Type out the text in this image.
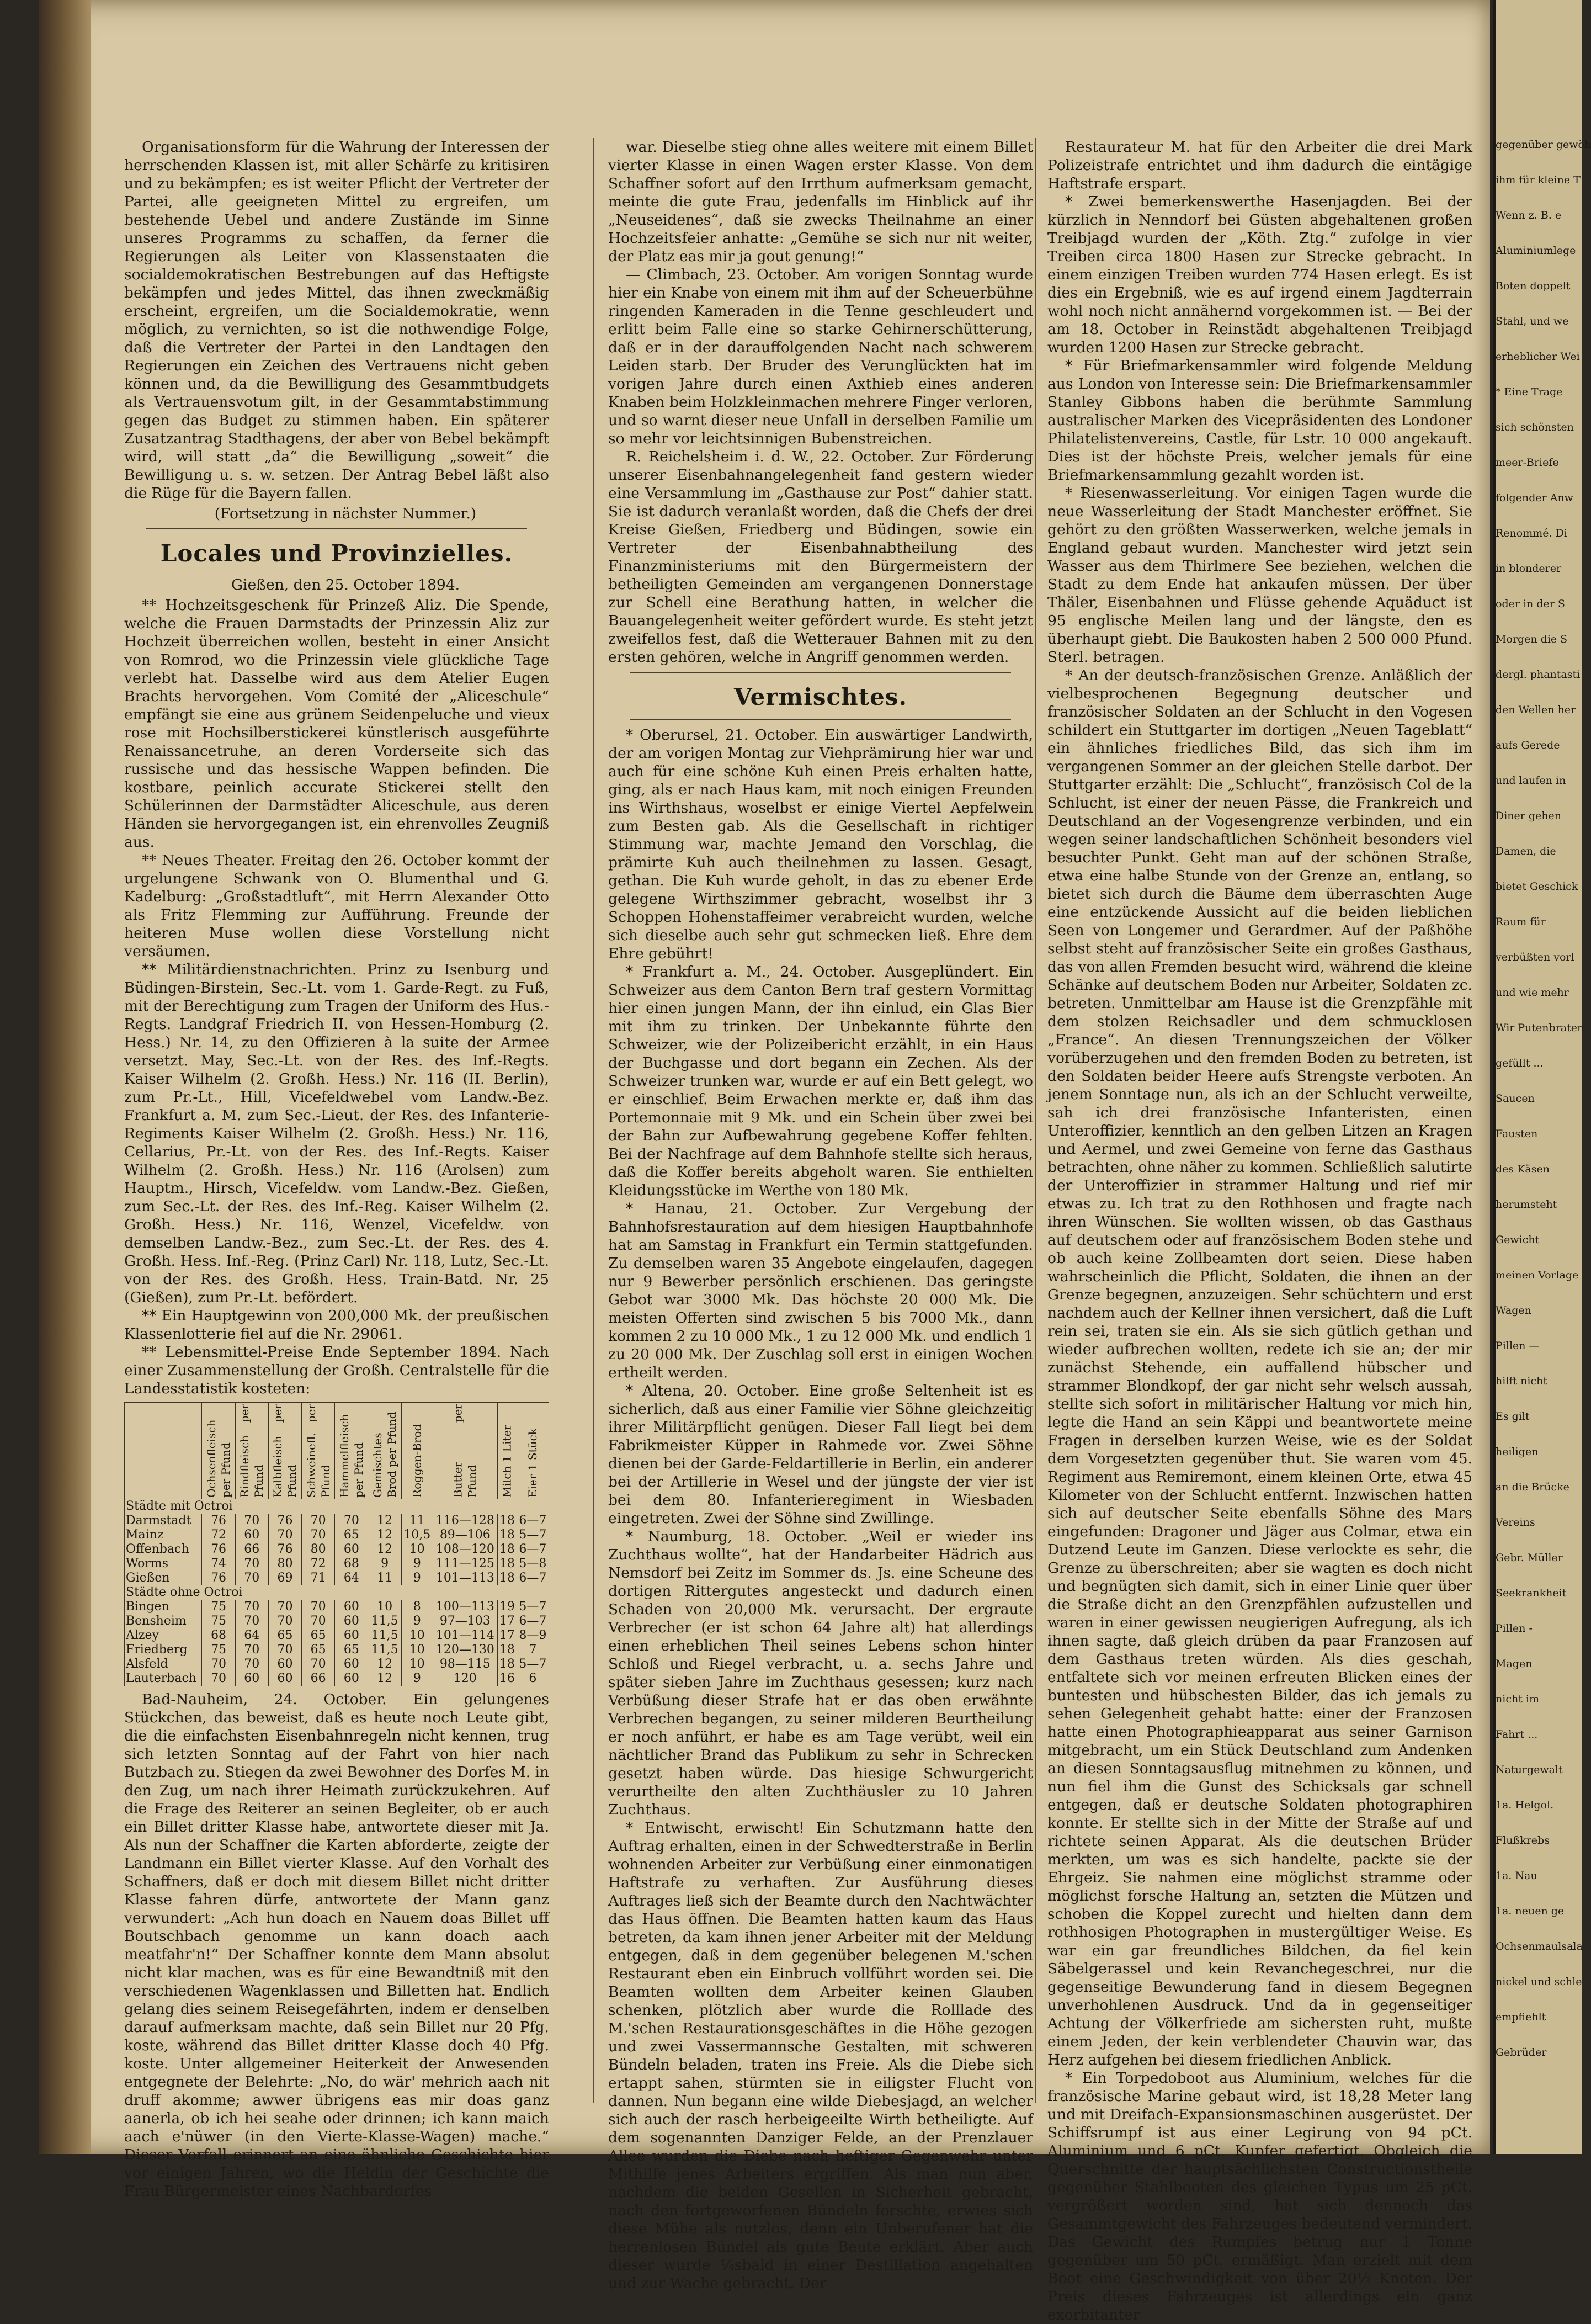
Organisationsform für die Wahrung der Interessen der herrschenden Klassen ist, mit aller Schärfe zu kritisiren und zu bekämpfen; es ist weiter Pflicht der Vertreter der Partei, alle geeigneten Mittel zu ergreifen, um bestehende Uebel und andere Zustände im Sinne unseres Programms zu schaffen, da ferner die Regierungen als Leiter von Klassenstaaten die socialdemokratischen Bestrebungen auf das Heftigste bekämpfen und jedes Mittel, das ihnen zweckmäßig erscheint, ergreifen, um die Socialdemokratie, wenn möglich, zu vernichten, so ist die nothwendige Folge, daß die Vertreter der Partei in den Landtagen den Regierungen ein Zeichen des Vertrauens nicht geben können und, da die Bewilligung des Gesammtbudgets als Vertrauensvotum gilt, in der Gesammtabstimmung gegen das Budget zu stimmen haben. Ein späterer Zusatzantrag Stadthagens, der aber von Bebel bekämpft wird, will statt „da“ die Bewilligung „soweit“ die Bewilligung u. s. w. setzen. Der Antrag Bebel läßt also die Rüge für die Bayern fallen.

(Fortsetzung in nächster Nummer.)

Locales und Provinzielles.

Gießen, den 25. October 1894.

** Hochzeitsgeschenk für Prinzeß Aliz. Die Spende, welche die Frauen Darmstadts der Prinzessin Aliz zur Hochzeit überreichen wollen, besteht in einer Ansicht von Romrod, wo die Prinzessin viele glückliche Tage verlebt hat. Dasselbe wird aus dem Atelier Eugen Brachts hervorgehen. Vom Comité der „Aliceschule“ empfängt sie eine aus grünem Seidenpeluche und vieux rose mit Hochsilberstickerei künstlerisch ausgeführte Renaissancetruhe, an deren Vorderseite sich das russische und das hessische Wappen befinden. Die kostbare, peinlich accurate Stickerei stellt den Schülerinnen der Darmstädter Aliceschule, aus deren Händen sie hervorgegangen ist, ein ehrenvolles Zeugniß aus.

** Neues Theater. Freitag den 26. October kommt der urgelungene Schwank von O. Blumenthal und G. Kadelburg: „Großstadtluft“, mit Herrn Alexander Otto als Fritz Flemming zur Aufführung. Freunde der heiteren Muse wollen diese Vorstellung nicht versäumen.

** Militärdienstnachrichten. Prinz zu Isenburg und Büdingen-Birstein, Sec.-Lt. vom 1. Garde-Regt. zu Fuß, mit der Berechtigung zum Tragen der Uniform des Hus.-Regts. Landgraf Friedrich II. von Hessen-Homburg (2. Hess.) Nr. 14, zu den Offizieren à la suite der Armee versetzt. May, Sec.-Lt. von der Res. des Inf.-Regts. Kaiser Wilhelm (2. Großh. Hess.) Nr. 116 (II. Berlin), zum Pr.-Lt., Hill, Vicefeldwebel vom Landw.-Bez. Frankfurt a. M. zum Sec.-Lieut. der Res. des Infanterie-Regiments Kaiser Wilhelm (2. Großh. Hess.) Nr. 116, Cellarius, Pr.-Lt. von der Res. des Inf.-Regts. Kaiser Wilhelm (2. Großh. Hess.) Nr. 116 (Arolsen) zum Hauptm., Hirsch, Vicefeldw. vom Landw.-Bez. Gießen, zum Sec.-Lt. der Res. des Inf.-Reg. Kaiser Wilhelm (2. Großh. Hess.) Nr. 116, Wenzel, Vicefeldw. von demselben Landw.-Bez., zum Sec.-Lt. der Res. des 4. Großh. Hess. Inf.-Reg. (Prinz Carl) Nr. 118, Lutz, Sec.-Lt. von der Res. des Großh. Hess. Train-Batd. Nr. 25 (Gießen), zum Pr.-Lt. befördert.

** Ein Hauptgewinn von 200,000 Mk. der preußischen Klassenlotterie fiel auf die Nr. 29061.

** Lebensmittel-Preise Ende September 1894. Nach einer Zusammenstellung der Großh. Centralstelle für die Landesstatistik kosteten:

	Ochsenfleisch per Pfund	Rindfleisch per Pfund	Kalbfleisch per Pfund	Schweinefl. per Pfund	Hammelfleisch per Pfund	Gemischtes Brod per Pfund	Roggen-Brod	Butter per Pfund	Milch 1 Liter	Eier 1 Stück
Städte mit Octroi										
Darmstadt	76	70	76	70	70	12	11	116—128	18	6—7
Mainz	72	60	70	70	65	12	10,5	89—106	18	5—7
Offenbach	76	66	76	80	60	12	10	108—120	18	6—7
Worms	74	70	80	72	68	9	9	111—125	18	5—8
Gießen	76	70	69	71	64	11	9	101—113	18	6—7
Städte ohne Octroi										
Bingen	75	70	70	70	60	10	8	100—113	19	5—7
Bensheim	75	70	70	70	60	11,5	9	97—103	17	6—7
Alzey	68	64	65	65	60	11,5	10	101—114	17	8—9
Friedberg	75	70	70	65	65	11,5	10	120—130	18	7
Alsfeld	70	70	60	70	60	12	10	98—115	18	5—7
Lauterbach	70	60	60	66	60	12	9	120	16	6

Bad-Nauheim, 24. October. Ein gelungenes Stückchen, das beweist, daß es heute noch Leute gibt, die die einfachsten Eisenbahnregeln nicht kennen, trug sich letzten Sonntag auf der Fahrt von hier nach Butzbach zu. Stiegen da zwei Bewohner des Dorfes M. in den Zug, um nach ihrer Heimath zurückzukehren. Auf die Frage des Reiterer an seinen Begleiter, ob er auch ein Billet dritter Klasse habe, antwortete dieser mit Ja. Als nun der Schaffner die Karten abforderte, zeigte der Landmann ein Billet vierter Klasse. Auf den Vorhalt des Schaffners, daß er doch mit diesem Billet nicht dritter Klasse fahren dürfe, antwortete der Mann ganz verwundert: „Ach hun doach en Nauem doas Billet uff Boutschbach genomme un kann doach aach meatfahr'n!“ Der Schaffner konnte dem Mann absolut nicht klar machen, was es für eine Bewandtniß mit den verschiedenen Wagenklassen und Billetten hat. Endlich gelang dies seinem Reisegefährten, indem er denselben darauf aufmerksam machte, daß sein Billet nur 20 Pfg. koste, während das Billet dritter Klasse doch 40 Pfg. koste. Unter allgemeiner Heiterkeit der Anwesenden entgegnete der Belehrte: „No, do wär' mehrich aach nit druff akomme; awwer übrigens eas mir doas ganz aanerla, ob ich hei seahe oder drinnen; ich kann maich aach e'nüwer (in den Vierte-Klasse-Wagen) mache.“ Dieser Vorfall erinnert an eine ähnliche Geschichte hier vor einigen Jahren, wo die Heldin der Geschichte die Frau Bürgermeister eines Nachbardorfes

war. Dieselbe stieg ohne alles weitere mit einem Billet vierter Klasse in einen Wagen erster Klasse. Von dem Schaffner sofort auf den Irrthum aufmerksam gemacht, meinte die gute Frau, jedenfalls im Hinblick auf ihr „Neuseidenes“, daß sie zwecks Theilnahme an einer Hochzeitsfeier anhatte: „Gemühe se sich nur nit weiter, der Platz eas mir ja gout genung!“

— Climbach, 23. October. Am vorigen Sonntag wurde hier ein Knabe von einem mit ihm auf der Scheuerbühne ringenden Kameraden in die Tenne geschleudert und erlitt beim Falle eine so starke Gehirnerschütterung, daß er in der darauffolgenden Nacht nach schwerem Leiden starb. Der Bruder des Verunglückten hat im vorigen Jahre durch einen Axthieb eines anderen Knaben beim Holzkleinmachen mehrere Finger verloren, und so warnt dieser neue Unfall in derselben Familie um so mehr vor leichtsinnigen Bubenstreichen.

R. Reichelsheim i. d. W., 22. October. Zur Förderung unserer Eisenbahnangelegenheit fand gestern wieder eine Versammlung im „Gasthause zur Post“ dahier statt. Sie ist dadurch veranlaßt worden, daß die Chefs der drei Kreise Gießen, Friedberg und Büdingen, sowie ein Vertreter der Eisenbahnabtheilung des Finanzministeriums mit den Bürgermeistern der betheiligten Gemeinden am vergangenen Donnerstage zur Schell eine Berathung hatten, in welcher die Bauangelegenheit weiter gefördert wurde. Es steht jetzt zweifellos fest, daß die Wetterauer Bahnen mit zu den ersten gehören, welche in Angriff genommen werden.

Vermischtes.

* Oberursel, 21. October. Ein auswärtiger Landwirth, der am vorigen Montag zur Viehprämirung hier war und auch für eine schöne Kuh einen Preis erhalten hatte, ging, als er nach Haus kam, mit noch einigen Freunden ins Wirthshaus, woselbst er einige Viertel Aepfelwein zum Besten gab. Als die Gesellschaft in richtiger Stimmung war, machte Jemand den Vorschlag, die prämirte Kuh auch theilnehmen zu lassen. Gesagt, gethan. Die Kuh wurde geholt, in das zu ebener Erde gelegene Wirthszimmer gebracht, woselbst ihr 3 Schoppen Hohenstaffeimer verabreicht wurden, welche sich dieselbe auch sehr gut schmecken ließ. Ehre dem Ehre gebührt!

* Frankfurt a. M., 24. October. Ausgeplündert. Ein Schweizer aus dem Canton Bern traf gestern Vormittag hier einen jungen Mann, der ihn einlud, ein Glas Bier mit ihm zu trinken. Der Unbekannte führte den Schweizer, wie der Polizeibericht erzählt, in ein Haus der Buchgasse und dort begann ein Zechen. Als der Schweizer trunken war, wurde er auf ein Bett gelegt, wo er einschlief. Beim Erwachen merkte er, daß ihm das Portemonnaie mit 9 Mk. und ein Schein über zwei bei der Bahn zur Aufbewahrung gegebene Koffer fehlten. Bei der Nachfrage auf dem Bahnhofe stellte sich heraus, daß die Koffer bereits abgeholt waren. Sie enthielten Kleidungsstücke im Werthe von 180 Mk.

* Hanau, 21. October. Zur Vergebung der Bahnhofsrestauration auf dem hiesigen Hauptbahnhofe hat am Samstag in Frankfurt ein Termin stattgefunden. Zu demselben waren 35 Angebote eingelaufen, dagegen nur 9 Bewerber persönlich erschienen. Das geringste Gebot war 3000 Mk. Das höchste 20 000 Mk. Die meisten Offerten sind zwischen 5 bis 7000 Mk., dann kommen 2 zu 10 000 Mk., 1 zu 12 000 Mk. und endlich 1 zu 20 000 Mk. Der Zuschlag soll erst in einigen Wochen ertheilt werden.

* Altena, 20. October. Eine große Seltenheit ist es sicherlich, daß aus einer Familie vier Söhne gleichzeitig ihrer Militärpflicht genügen. Dieser Fall liegt bei dem Fabrikmeister Küpper in Rahmede vor. Zwei Söhne dienen bei der Garde-Feldartillerie in Berlin, ein anderer bei der Artillerie in Wesel und der jüngste der vier ist bei dem 80. Infanterieregiment in Wiesbaden eingetreten. Zwei der Söhne sind Zwillinge.

* Naumburg, 18. October. „Weil er wieder ins Zuchthaus wollte“, hat der Handarbeiter Hädrich aus Nemsdorf bei Zeitz im Sommer ds. Js. eine Scheune des dortigen Rittergutes angesteckt und dadurch einen Schaden von 20,000 Mk. verursacht. Der ergraute Verbrecher (er ist schon 64 Jahre alt) hat allerdings einen erheblichen Theil seines Lebens schon hinter Schloß und Riegel verbracht, u. a. sechs Jahre und später sieben Jahre im Zuchthaus gesessen; kurz nach Verbüßung dieser Strafe hat er das oben erwähnte Verbrechen begangen, zu seiner milderen Beurtheilung er noch anführt, er habe es am Tage verübt, weil ein nächtlicher Brand das Publikum zu sehr in Schrecken gesetzt haben würde. Das hiesige Schwurgericht verurtheilte den alten Zuchthäusler zu 10 Jahren Zuchthaus.

* Entwischt, erwischt! Ein Schutzmann hatte den Auftrag erhalten, einen in der Schwedterstraße in Berlin wohnenden Arbeiter zur Verbüßung einer einmonatigen Haftstrafe zu verhaften. Zur Ausführung dieses Auftrages ließ sich der Beamte durch den Nachtwächter das Haus öffnen. Die Beamten hatten kaum das Haus betreten, da kam ihnen jener Arbeiter mit der Meldung entgegen, daß in dem gegenüber belegenen M.'schen Restaurant eben ein Einbruch vollführt worden sei. Die Beamten wollten dem Arbeiter keinen Glauben schenken, plötzlich aber wurde die Rolllade des M.'schen Restaurationsgeschäftes in die Höhe gezogen und zwei Vassermannsche Gestalten, mit schweren Bündeln beladen, traten ins Freie. Als die Diebe sich ertappt sahen, stürmten sie in eiligster Flucht von dannen. Nun begann eine wilde Diebesjagd, an welcher sich auch der rasch herbeigeeilte Wirth betheiligte. Auf dem sogenannten Danziger Felde, an der Prenzlauer Allee wurden die Diebe nach heftiger Gegenwehr unter Mithilfe jenes Arbeiters ergriffen. Als man nun aber, nachdem die beiden Gesellen in Sicherheit gebracht, nach den fortgeworfenen Bündeln forschte, erwies sich diese Mühe als nutzlos, denn ein Unberufener hat die herrenlosen Bündel als gute Beute erklärt. Aber auch dieser wurde ¼sbald in einer Destillation angehalten und zur Wache gebracht. Der

Restaurateur M. hat für den Arbeiter die drei Mark Polizeistrafe entrichtet und ihm dadurch die eintägige Haftstrafe erspart.

* Zwei bemerkenswerthe Hasenjagden. Bei der kürzlich in Nenndorf bei Güsten abgehaltenen großen Treibjagd wurden der „Köth. Ztg.“ zufolge in vier Treiben circa 1800 Hasen zur Strecke gebracht. In einem einzigen Treiben wurden 774 Hasen erlegt. Es ist dies ein Ergebniß, wie es auf irgend einem Jagdterrain wohl noch nicht annähernd vorgekommen ist. — Bei der am 18. October in Reinstädt abgehaltenen Treibjagd wurden 1200 Hasen zur Strecke gebracht.

* Für Briefmarkensammler wird folgende Meldung aus London von Interesse sein: Die Briefmarkensammler Stanley Gibbons haben die berühmte Sammlung australischer Marken des Vicepräsidenten des Londoner Philatelistenvereins, Castle, für Lstr. 10 000 angekauft. Dies ist der höchste Preis, welcher jemals für eine Briefmarkensammlung gezahlt worden ist.

* Riesenwasserleitung. Vor einigen Tagen wurde die neue Wasserleitung der Stadt Manchester eröffnet. Sie gehört zu den größten Wasserwerken, welche jemals in England gebaut wurden. Manchester wird jetzt sein Wasser aus dem Thirlmere See beziehen, welchen die Stadt zu dem Ende hat ankaufen müssen. Der über Thäler, Eisenbahnen und Flüsse gehende Aquäduct ist 95 englische Meilen lang und der längste, den es überhaupt giebt. Die Baukosten haben 2 500 000 Pfund. Sterl. betragen.

* An der deutsch-französischen Grenze. Anläßlich der vielbesprochenen Begegnung deutscher und französischer Soldaten an der Schlucht in den Vogesen schildert ein Stuttgarter im dortigen „Neuen Tageblatt“ ein ähnliches friedliches Bild, das sich ihm im vergangenen Sommer an der gleichen Stelle darbot. Der Stuttgarter erzählt: Die „Schlucht“, französisch Col de la Schlucht, ist einer der neuen Pässe, die Frankreich und Deutschland an der Vogesengrenze verbinden, und ein wegen seiner landschaftlichen Schönheit besonders viel besuchter Punkt. Geht man auf der schönen Straße, etwa eine halbe Stunde von der Grenze an, entlang, so bietet sich durch die Bäume dem überraschten Auge eine entzückende Aussicht auf die beiden lieblichen Seen von Longemer und Gerardmer. Auf der Paßhöhe selbst steht auf französischer Seite ein großes Gasthaus, das von allen Fremden besucht wird, während die kleine Schänke auf deutschem Boden nur Arbeiter, Soldaten zc. betreten. Unmittelbar am Hause ist die Grenzpfähle mit dem stolzen Reichsadler und dem schmucklosen „France“. An diesen Trennungszeichen der Völker vorüberzugehen und den fremden Boden zu betreten, ist den Soldaten beider Heere aufs Strengste verboten. An jenem Sonntage nun, als ich an der Schlucht verweilte, sah ich drei französische Infanteristen, einen Unteroffizier, kenntlich an den gelben Litzen an Kragen und Aermel, und zwei Gemeine von ferne das Gasthaus betrachten, ohne näher zu kommen. Schließlich salutirte der Unteroffizier in strammer Haltung und rief mir etwas zu. Ich trat zu den Rothhosen und fragte nach ihren Wünschen. Sie wollten wissen, ob das Gasthaus auf deutschem oder auf französischem Boden stehe und ob auch keine Zollbeamten dort seien. Diese haben wahrscheinlich die Pflicht, Soldaten, die ihnen an der Grenze begegnen, anzuzeigen. Sehr schüchtern und erst nachdem auch der Kellner ihnen versichert, daß die Luft rein sei, traten sie ein. Als sie sich gütlich gethan und wieder aufbrechen wollten, redete ich sie an; der mir zunächst Stehende, ein auffallend hübscher und strammer Blondkopf, der gar nicht sehr welsch aussah, stellte sich sofort in militärischer Haltung vor mich hin, legte die Hand an sein Käppi und beantwortete meine Fragen in derselben kurzen Weise, wie es der Soldat dem Vorgesetzten gegenüber thut. Sie waren vom 45. Regiment aus Remiremont, einem kleinen Orte, etwa 45 Kilometer von der Schlucht entfernt. Inzwischen hatten sich auf deutscher Seite ebenfalls Söhne des Mars eingefunden: Dragoner und Jäger aus Colmar, etwa ein Dutzend Leute im Ganzen. Diese verlockte es sehr, die Grenze zu überschreiten; aber sie wagten es doch nicht und begnügten sich damit, sich in einer Linie quer über die Straße dicht an den Grenzpfählen aufzustellen und waren in einer gewissen neugierigen Aufregung, als ich ihnen sagte, daß gleich drüben da paar Franzosen auf dem Gasthaus treten würden. Als dies geschah, entfaltete sich vor meinen erfreuten Blicken eines der buntesten und hübschesten Bilder, das ich jemals zu sehen Gelegenheit gehabt hatte: einer der Franzosen hatte einen Photographieapparat aus seiner Garnison mitgebracht, um ein Stück Deutschland zum Andenken an diesen Sonntagsausflug mitnehmen zu können, und nun fiel ihm die Gunst des Schicksals gar schnell entgegen, daß er deutsche Soldaten photographiren konnte. Er stellte sich in der Mitte der Straße auf und richtete seinen Apparat. Als die deutschen Brüder merkten, um was es sich handelte, packte sie der Ehrgeiz. Sie nahmen eine möglichst stramme oder möglichst forsche Haltung an, setzten die Mützen und schoben die Koppel zurecht und hielten dann dem rothhosigen Photographen in mustergültiger Weise. Es war ein gar freundliches Bildchen, da fiel kein Säbelgerassel und kein Revanchegeschrei, nur die gegenseitige Bewunderung fand in diesem Begegnen unverhohlenen Ausdruck. Und da in gegenseitiger Achtung der Völkerfriede am sichersten ruht, mußte einem Jeden, der kein verblendeter Chauvin war, das Herz aufgehen bei diesem friedlichen Anblick.

* Ein Torpedoboot aus Aluminium, welches für die französische Marine gebaut wird, ist 18,28 Meter lang und mit Dreifach-Expansionsmaschinen ausgerüstet. Der Schiffsrumpf ist aus einer Legirung von 94 pCt. Aluminium und 6 pCt. Kupfer gefertigt. Obgleich die Querschnitte der hauptsächlichsten Constructionstheile gegenüber Stahlbooten des gleichen Typus um 25 pCt. vergrößert worden sind, hat sich dennoch das Gesammtgewicht des Fahrzeuges bedeutend vermindert. Das Gewicht des Rumpfes betrug nur 1 Tonne gegenüber um 50 pCt. ermäßigt. Man erzielt mit dem Boot eine Geschwindigkeit von über 20½ Knoten. Der Preis dieses Fahrzeuges ist allerdings ein ganz exorbitanter

gegenüber gewöh
ihm für kleine T
Wenn z. B. e
Aluminiumlege
Boten doppelt
Stahl, und we
erheblicher Wei
* Eine Trage
sich schönsten
meer-Briefe
folgender Anw
Renommé. Di
in blonderer
oder in der S
Morgen die S
dergl. phantasti
den Wellen her
aufs Gerede
und laufen in
Diner gehen
Damen, die
bietet Geschick
Raum für
verbüßten vorl
und wie mehr
Wir Putenbraten
gefüllt ...
Saucen
Fausten
des Käsen
herumsteht
Gewicht
meinen Vorlage
Wagen
Pillen —
hilft nicht
Es gilt
heiligen
an die Brücke
Vereins
Gebr. Müller
Seekrankheit
Pillen -
Magen
nicht im
Fahrt ...
Naturgewalt
1a. Helgol.
Flußkrebs
1a. Nau
1a. neuen ge
Ochsenmaulsala
nickel und schle
empfiehlt
Gebrüder
